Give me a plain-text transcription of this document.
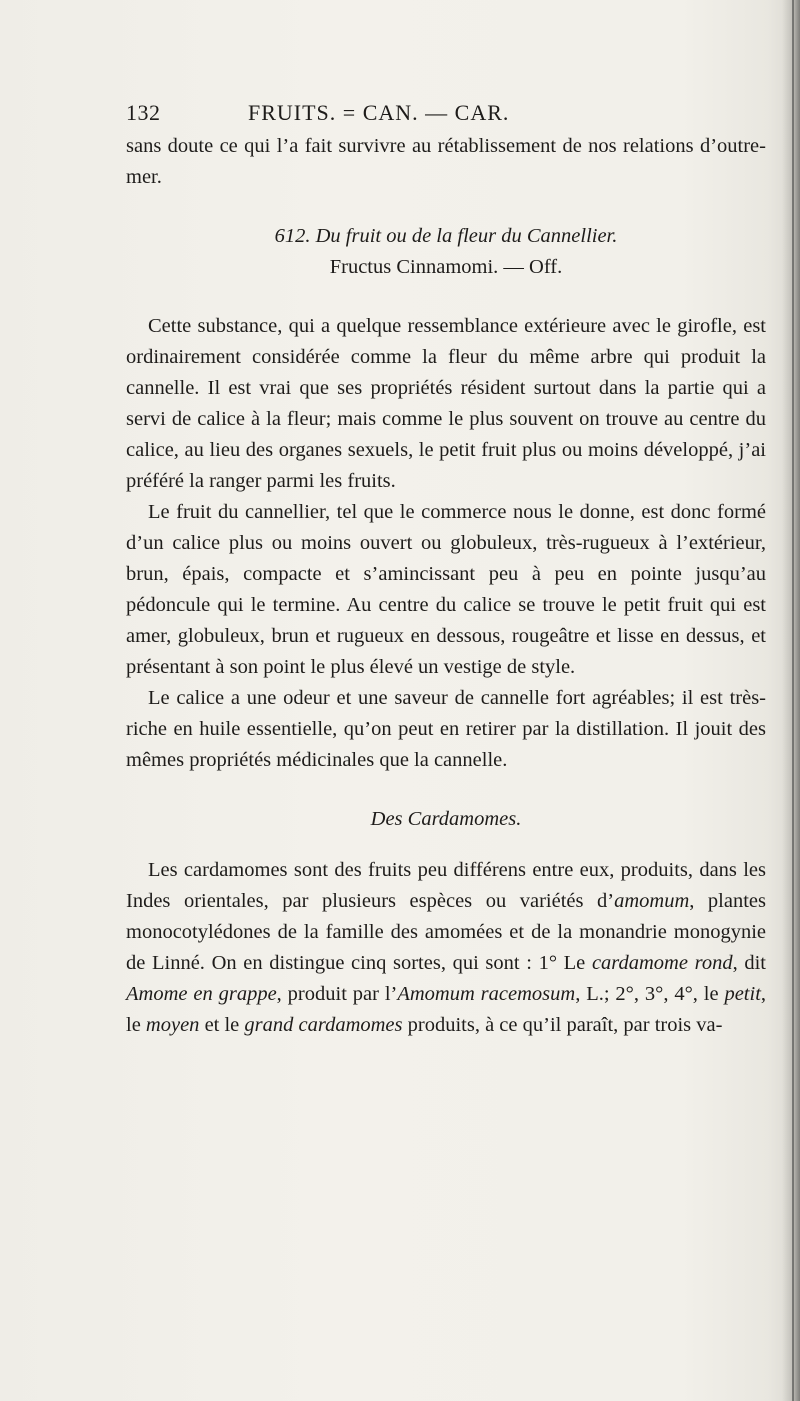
132	FRUITS. = CAN. — CAR.

sans doute ce qui l’a fait survivre au rétablissement de nos relations d’outre-mer.

612. Du fruit ou de la fleur du Cannellier.

Fructus Cinnamomi. — Off.

Cette substance, qui a quelque ressemblance extérieure avec le girofle, est ordinairement considérée comme la fleur du même arbre qui produit la cannelle. Il est vrai que ses propriétés résident surtout dans la partie qui a servi de calice à la fleur; mais comme le plus souvent on trouve au centre du calice, au lieu des organes sexuels, le petit fruit plus ou moins développé, j’ai préféré la ranger parmi les fruits.

Le fruit du cannellier, tel que le commerce nous le donne, est donc formé d’un calice plus ou moins ouvert ou globuleux, très-rugueux à l’extérieur, brun, épais, compacte et s’amincissant peu à peu en pointe jusqu’au pédoncule qui le termine. Au centre du calice se trouve le petit fruit qui est amer, globuleux, brun et rugueux en dessous, rougeâtre et lisse en dessus, et présentant à son point le plus élevé un vestige de style.

Le calice a une odeur et une saveur de cannelle fort agréables; il est très-riche en huile essentielle, qu’on peut en retirer par la distillation. Il jouit des mêmes propriétés médicinales que la cannelle.

Des Cardamomes.

Les cardamomes sont des fruits peu différens entre eux, produits, dans les Indes orientales, par plusieurs espèces ou variétés d’amomum, plantes monocotylédones de la famille des amomées et de la monandrie monogynie de Linné. On en distingue cinq sortes, qui sont : 1° Le cardamome rond, dit Amome en grappe, produit par l’Amomum racemosum, L.; 2°, 3°, 4°, le petit, le moyen et le grand cardamomes produits, à ce qu’il paraît, par trois va-
